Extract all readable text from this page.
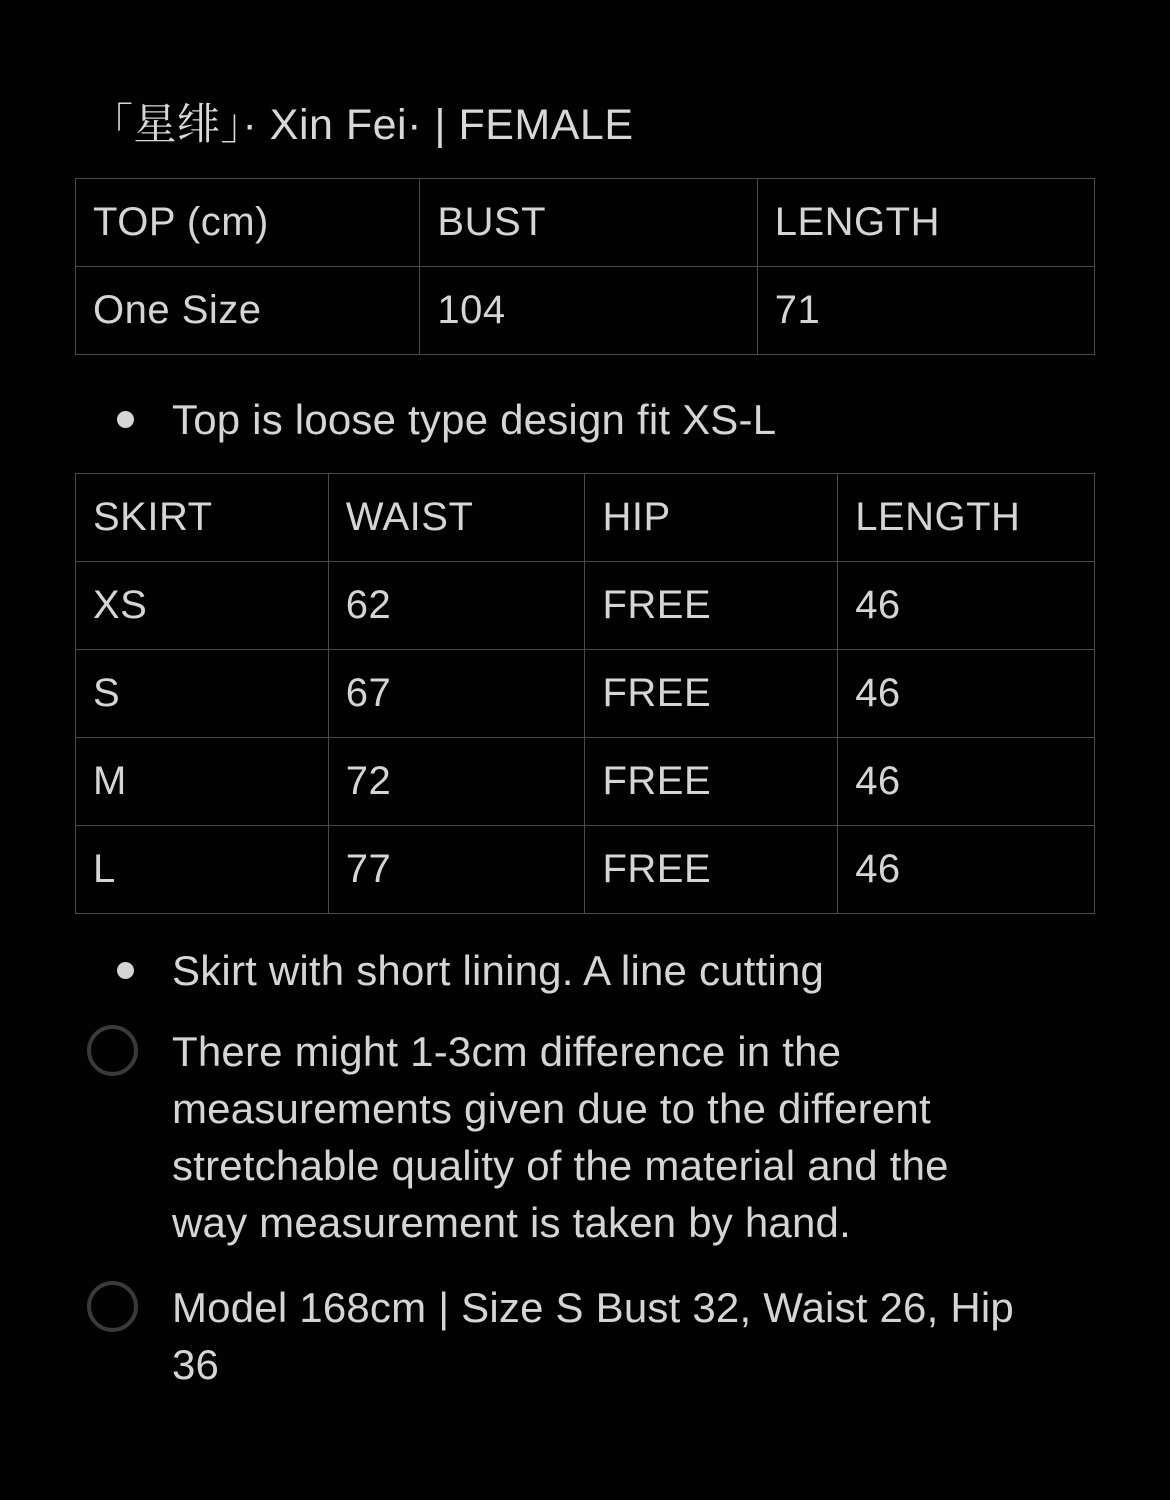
「星绯」· Xin Fei· | FEMALE
TOP (cm)	BUST	LENGTH
One Size	104	71
Top is loose type design fit XS-L
SKIRT	WAIST	HIP	LENGTH
XS	62	FREE	46
S	67	FREE	46
M	72	FREE	46
L	77	FREE	46
Skirt with short lining. A line cutting
There might 1-3cm difference in the
measurements given due to the different
stretchable quality of the material and the
way measurement is taken by hand.
Model 168cm | Size S Bust 32, Waist 26, Hip
36
